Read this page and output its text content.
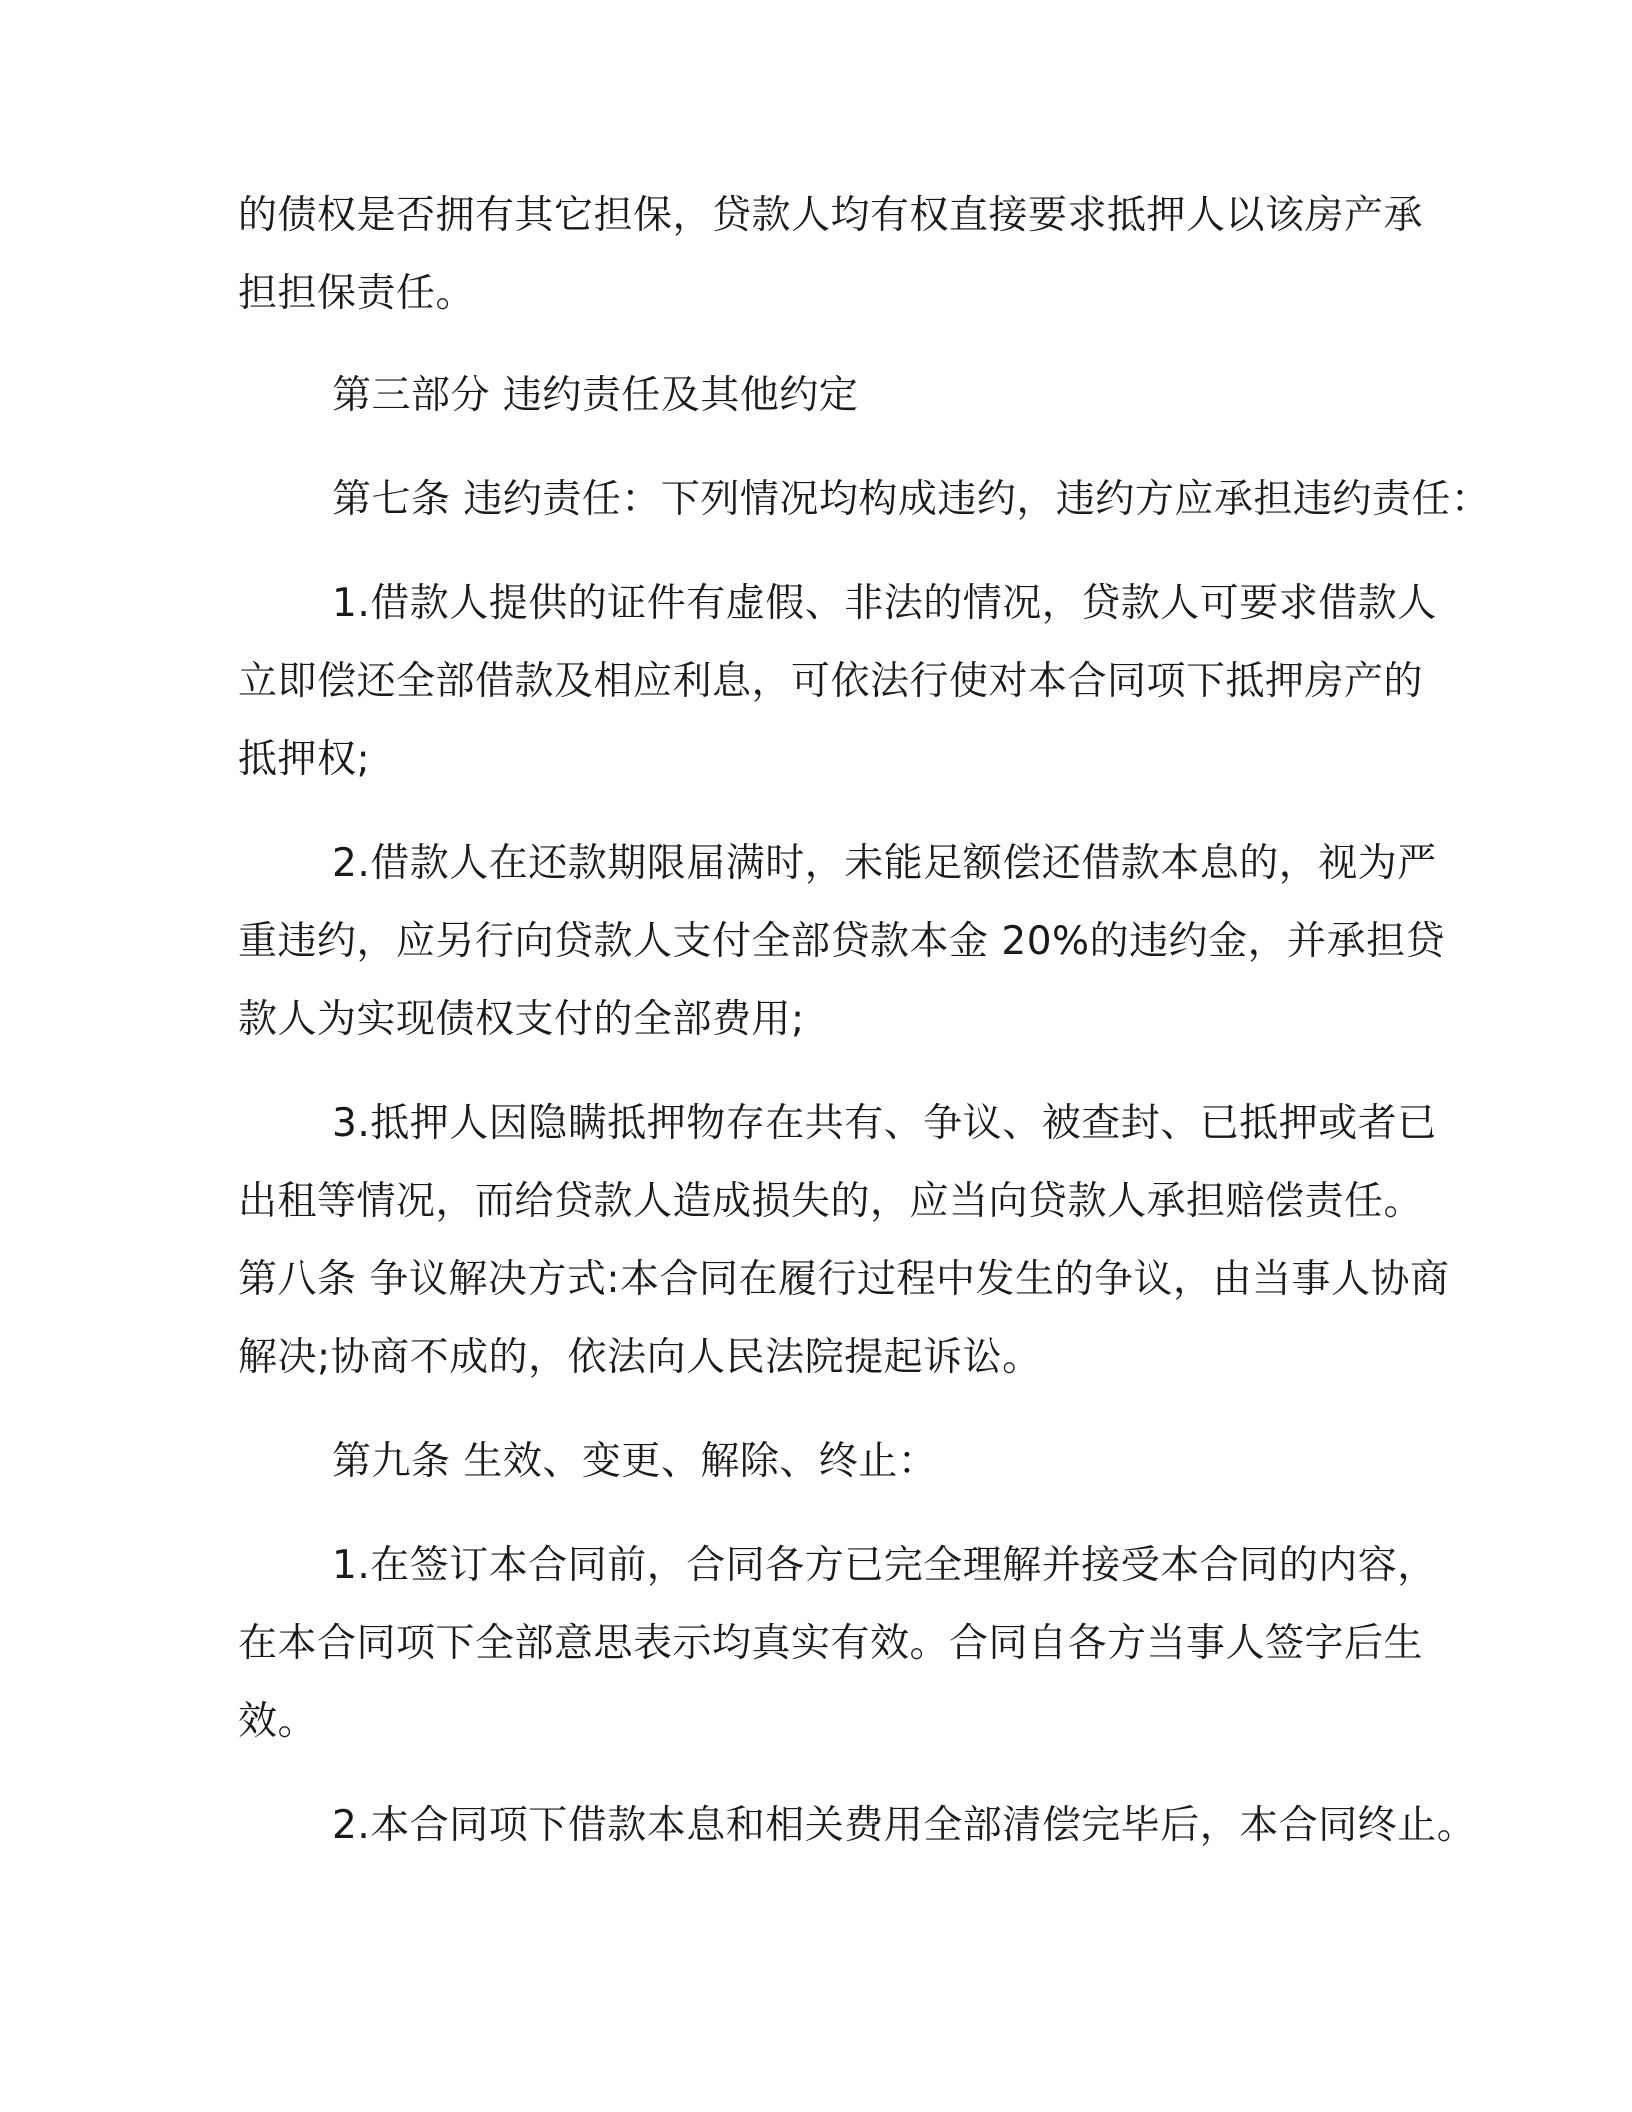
的债权是否拥有其它担保，贷款人均有权直接要求抵押人以该房产承

担担保责任。

第三部分 违约责任及其他约定

第七条 违约责任：下列情况均构成违约，违约方应承担违约责任：

1.借款人提供的证件有虚假、非法的情况，贷款人可要求借款人

立即偿还全部借款及相应利息，可依法行使对本合同项下抵押房产的

抵押权;

2.借款人在还款期限届满时，未能足额偿还借款本息的，视为严

重违约，应另行向贷款人支付全部贷款本金 20%的违约金，并承担贷

款人为实现债权支付的全部费用;

3.抵押人因隐瞒抵押物存在共有、争议、被查封、已抵押或者已

出租等情况，而给贷款人造成损失的，应当向贷款人承担赔偿责任。

第八条 争议解决方式:本合同在履行过程中发生的争议，由当事人协商

解决;协商不成的，依法向人民法院提起诉讼。

第九条 生效、变更、解除、终止：

1.在签订本合同前，合同各方已完全理解并接受本合同的内容，

在本合同项下全部意思表示均真实有效。合同自各方当事人签字后生

效。

2.本合同项下借款本息和相关费用全部清偿完毕后，本合同终止。
